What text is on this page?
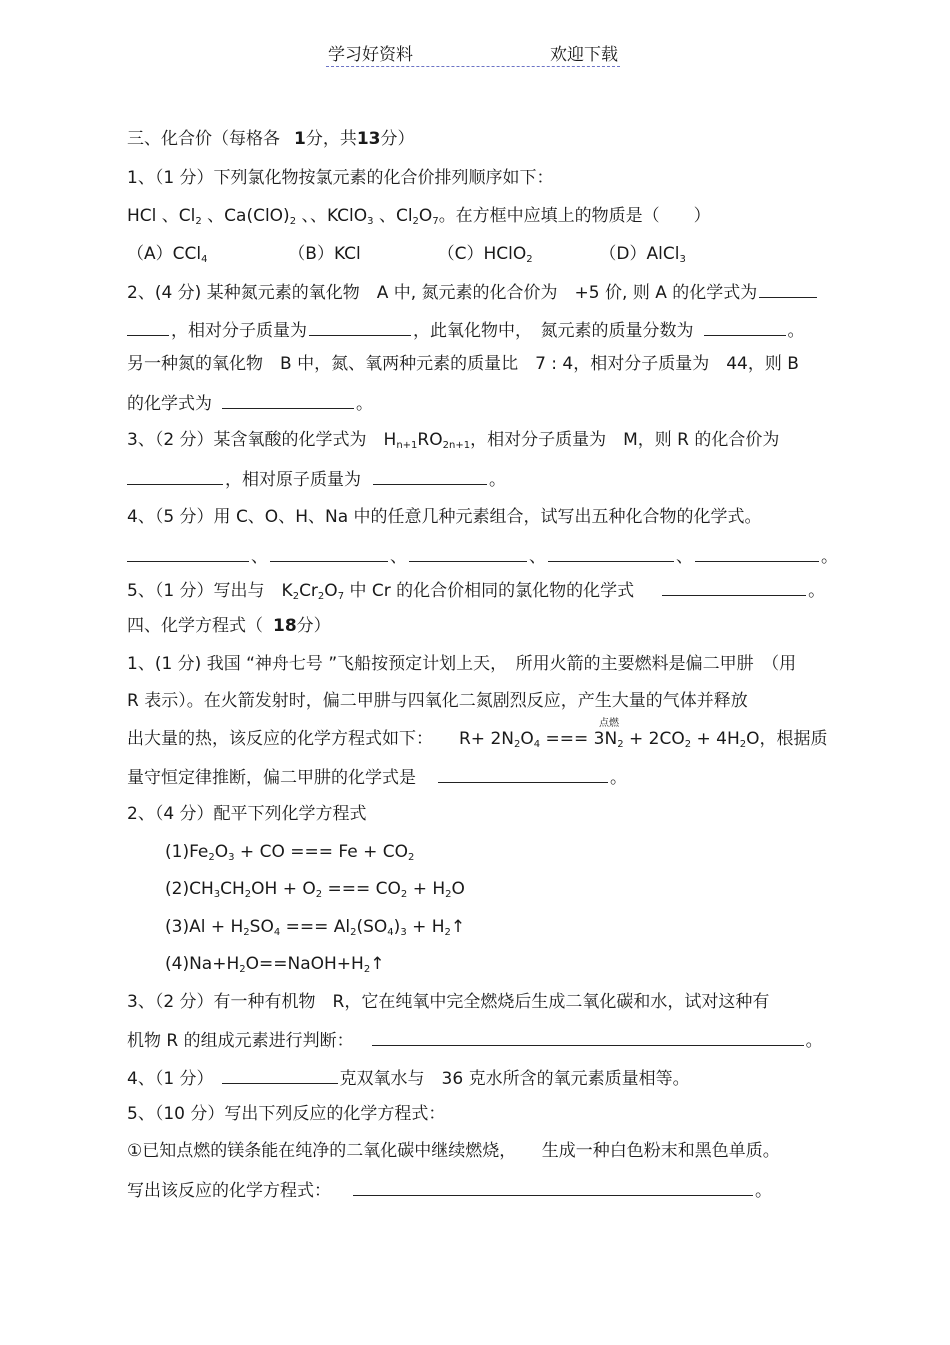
学习好资料	欢迎下载
三、化合价（每格各 1分，共13分）
1、（1 分）下列氯化物按氯元素的化合价排列顺序如下：
HCl 、$Cl_2$ 、$Ca(ClO)_2$ 、、KClO$_3$ 、$Cl_2O_7$。在方框中应填上的物质是（　　）
（A）CCl$_4$	（B）KCl	（C）HClO$_2$	（D）AlCl$_3$
2、(4 分) 某种氮元素的氧化物　A 中, 氮元素的化合价为　+5 价, 则 A 的化学式为
，相对分子质量为	，此氧化物中，　氮元素的质量分数为	。
另一种氮的氧化物　B 中，氮、氧两种元素的质量比　7 : 4，相对分子质量为　44，则 B
的化学式为	。
3、（2 分）某含氧酸的化学式为　$H_{n+1}RO_{2n+1}$，相对分子质量为　M，则 R 的化合价为
，相对原子质量为	。
4、（5 分）用 C、O、H、Na 中的任意几种元素组合，试写出五种化合物的化学式。
、	、	、	、	。
5、（1 分）写出与　$K_2Cr_2O_7$ 中 Cr 的化合价相同的氯化物的化学式	。
四、化学方程式（ 18分）
1、(1 分) 我国 “神舟七号 ”飞船按预定计划上天，　所用火箭的主要燃料是偏二甲肼　（用
R 表示）。在火箭发射时，偏二甲肼与四氧化二氮剧烈反应，产生大量的气体并释放
点燃
出大量的热，该反应的化学方程式如下： $R+ 2N_2O_4$ === $3N_2 + 2CO_2 + 4H_2O$，根据质
量守恒定律推断，偏二甲肼的化学式是	。
2、（4 分）配平下列化学方程式
$(1)Fe_2O_3$ + CO === $Fe + CO_2$
$(2)CH_3CH_2OH + O_2$ === $CO_2 + H_2O$
$(3)Al + H_2SO_4$ === $Al_2(SO_4)_3$ + $H_2↑$
$(4)Na+H_2O==NaOH+H_2↑$
3、（2 分）有一种有机物　R，它在纯氧中完全燃烧后生成二氧化碳和水，试对这种有
机物 R 的组成元素进行判断：	。
4、（1 分）	克双氧水与　36 克水所含的氧元素质量相等。
5、（10 分）写出下列反应的化学方程式：
①已知点燃的镁条能在纯净的二氧化碳中继续燃烧，　　生成一种白色粉末和黑色单质。
写出该反应的化学方程式：	。
